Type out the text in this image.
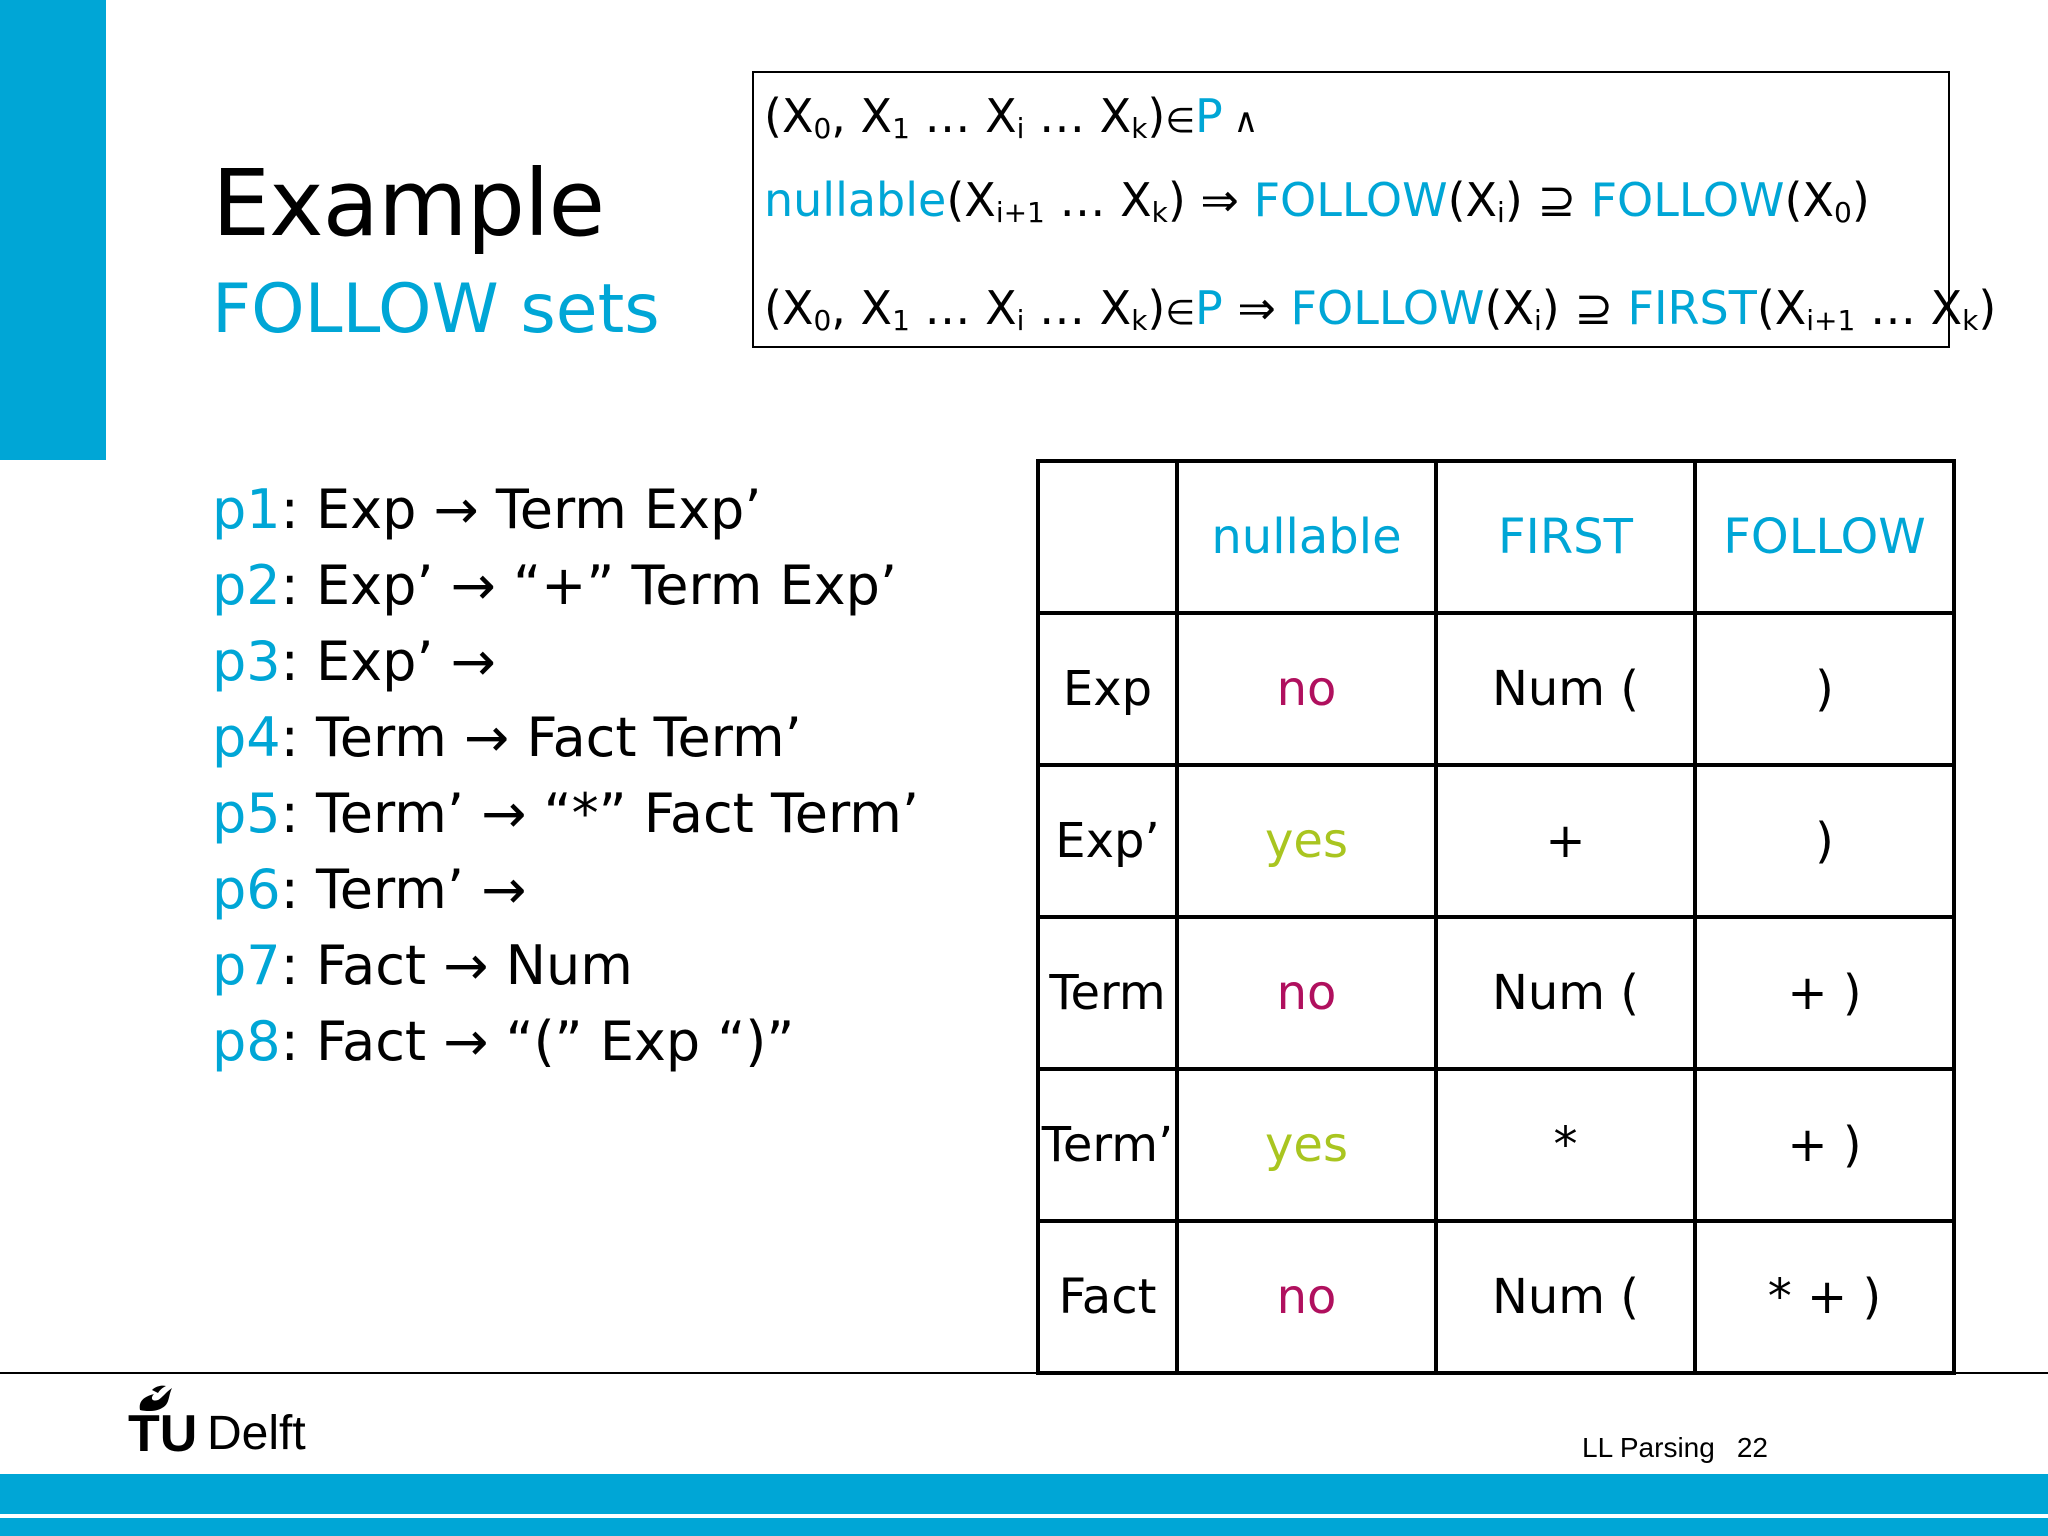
Example
FOLLOW sets
($X_0$, $X_1$ … $X_i$ … $X_k)\in P$ ∧
$nullable(X_{i+1}$ … $X_k$) ⇒ $FOLLOW(X_i)$ ⊇ $FOLLOW(X_0)$
($X_0$, $X_1$ … $X_i$ … $X_k)\in P$ ⇒ $FOLLOW(X_i)$ ⊇ $FIRST(X_{i+1}$ … $X_k$)
p1: Exp → Term Exp’
p2: Exp’ → “+” Term Exp’
p3: Exp’ →
p4: Term → Fact Term’
p5: Term’ → “*” Fact Term’
p6: Term’ →
p7: Fact → Num
p8: Fact → “(” Exp “)”
	nullable	FIRST	FOLLOW
Exp	no	Num (	)
Exp’	yes	+	)
Term	no	Num (	+ )
Term’	yes	*	+ )
Fact	no	Num (	* + )
TU Delft	LL Parsing 22
